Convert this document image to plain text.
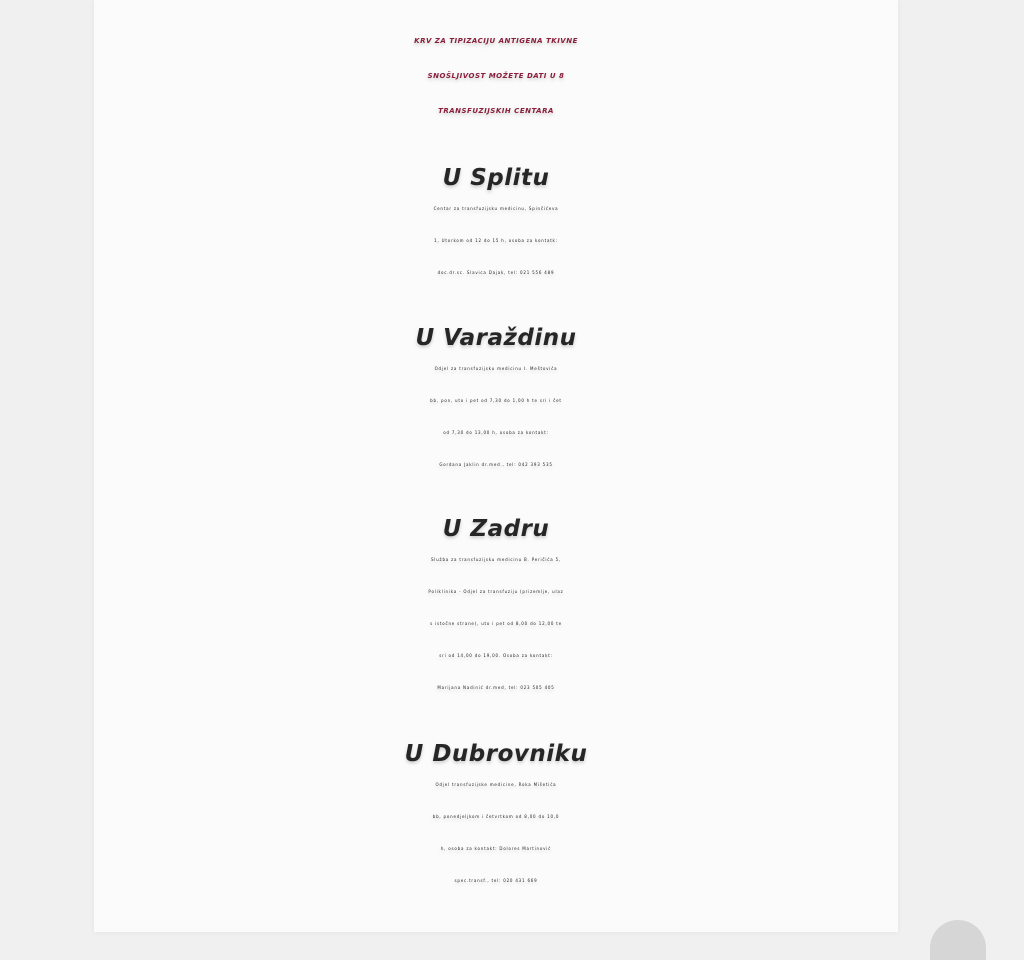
KRV ZA TIPIZACIJU ANTIGENA TKIVNE
SNOŠLJIVOST MOŽETE DATI U 8
TRANSFUZIJSKIH CENTARA
U Splitu
Centar za transfuzijsku medicinu, Spinčićeva
1, Utorkom od 12 do 15 h, osoba za kontatk:
doc.dr.sc. Slavica Dajak, tel: 021 556 489
U Varaždinu
Odjel za transfuzijsku medicinu I. Meštovića
bb, pon, uto i pet od 7,30 do 1,00 h te sri i čet
od 7,30 do 13,00 h, osoba za kontakt:
Gordana Jaklin dr.med., tel: 042 393 535
U Zadru
Služba za transfuzijsku medicinu B. Peričića 5,
Poliklinika - Odjel za transfuziju (prizemlje, ulaz
s istočne strane), uto i pet od 8,00 do 12,00 te
sri od 14,00 do 19,00. Osoba za kontakt:
Marijana Nadinić dr.med, tel: 023 505 405
U Dubrovniku
Odjel transfuzijske medicine, Roka Mišetića
bb, ponedjeljkom i četvrtkom od 8,00 do 10,0
h, osoba za kontakt: Dolores Martinović
spec.transf., tel: 020 431 669
